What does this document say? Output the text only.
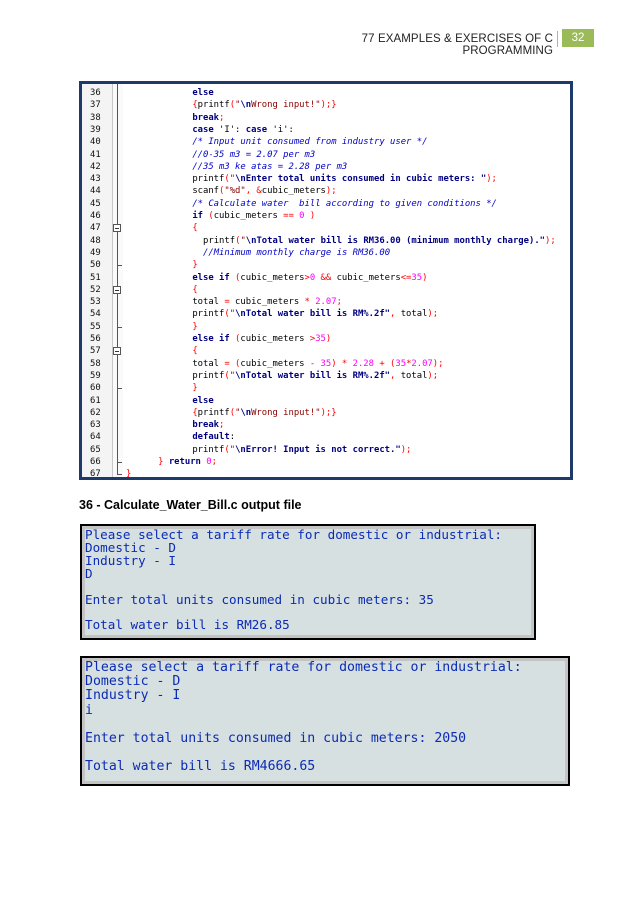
77 EXAMPLES & EXERCISES OF C PROGRAMMING
32
36	else
37	{printf("\nWrong input!");}
38	break;
39	case 'I': case 'i':
40	/* Input unit consumed from industry user */
41	//0-35 m3 = 2.07 per m3
42	//35 m3 ke atas = 2.28 per m3
43	printf("\nEnter total units consumed in cubic meters: ");
44	scanf("%d", &cubic_meters);
45	/* Calculate water  bill according to given conditions */
46	if (cubic_meters == 0 )
47	{
48	printf("\nTotal water bill is RM36.00 (minimum monthly charge).");
49	//Minimum monthly charge is RM36.00
50	}
51	else if (cubic_meters>0 && cubic_meters<=35)
52	{
53	total = cubic_meters * 2.07;
54	printf("\nTotal water bill is RM%.2f", total);
55	}
56	else if (cubic_meters >35)
57	{
58	total = (cubic_meters - 35) * 2.28 + (35*2.07);
59	printf("\nTotal water bill is RM%.2f", total);
60	}
61	else
62	{printf("\nWrong input!");}
63	break;
64	default:
65	printf("\nError! Input is not correct.");
66	} return 0;
67	}
36 - Calculate_Water_Bill.c output file
Please select a tariff rate for domestic or industrial:
Domestic - D
Industry - I
D
Enter total units consumed in cubic meters: 35
Total water bill is RM26.85
Please select a tariff rate for domestic or industrial:
Domestic - D
Industry - I
i
Enter total units consumed in cubic meters: 2050
Total water bill is RM4666.65
